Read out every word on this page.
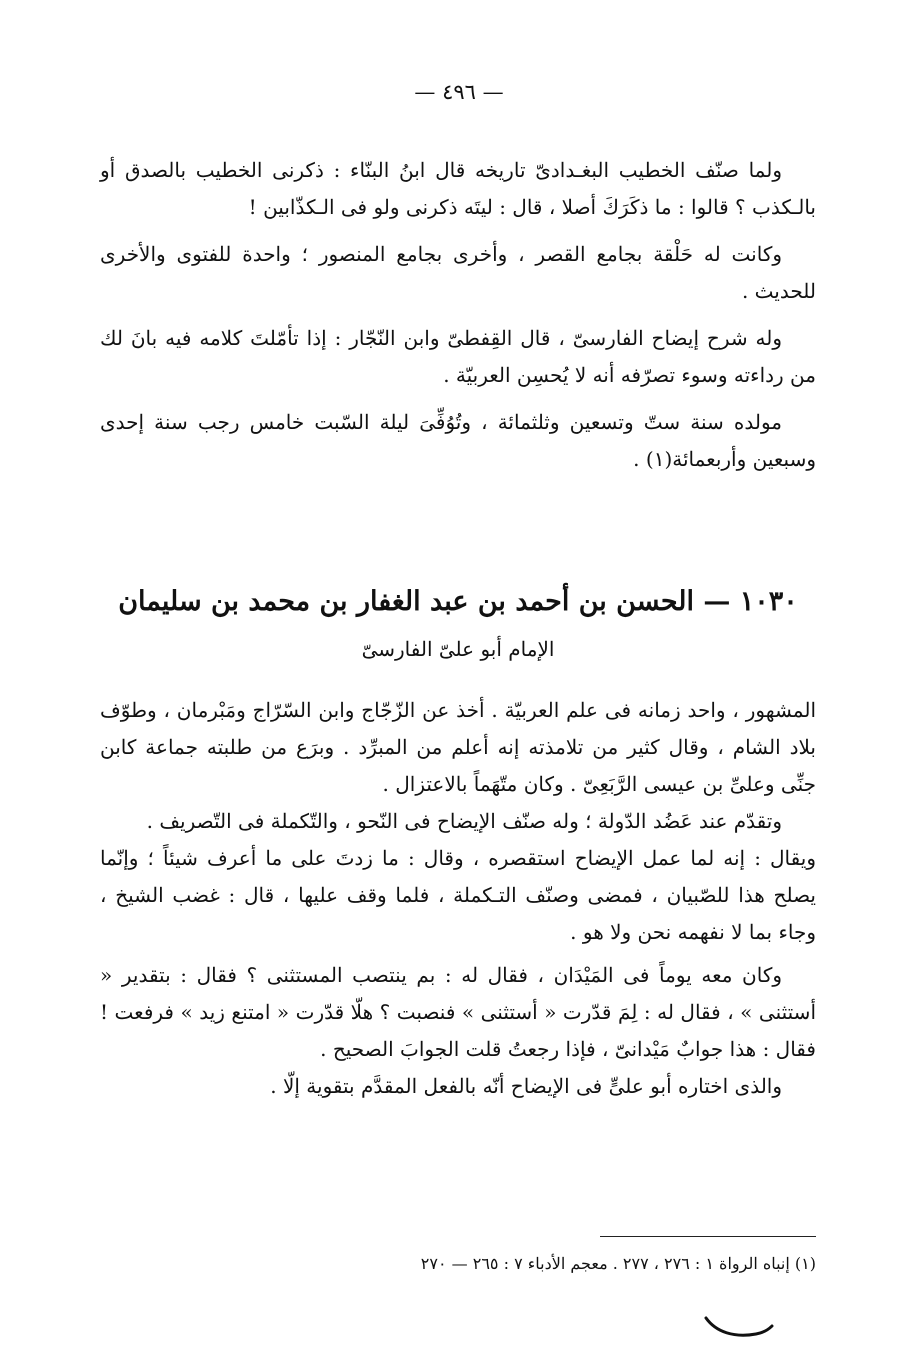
— ٤٩٦ —

ولما صنّف الخطيب البغـدادىّ تاريخه قال ابنُ البنّاء : ذكرنى الخطيب بالصدق أو بالـكذب ؟ قالوا : ما ذكَرَكَ أصلا ، قال : ليتَه ذكرنى ولو فى الـكذّابين !

وكانت له حَلْقة بجامع القصر ، وأخرى بجامع المنصور ؛ واحدة للفتوى والأخرى للحديث .

وله شرح إيضاح الفارسىّ ، قال القِفطىّ وابن النّجّار : إذا تأمّلتَ كلامه فيه بانَ لك من رداءته وسوء تصرّفه أنه لا يُحسِن العربيّة .

مولده سنة ستّ وتسعين وثلثمائة ، وتُوُفِّىَ ليلة السّبت خامس رجب سنة إحدى وسبعين وأربعمائة(١) .

١٠٣٠ — الحسن بن أحمد بن عبد الغفار بن محمد بن سليمان
الإمام أبو علىّ الفارسىّ

المشهور ، واحد زمانه فى علم العربيّة . أخذ عن الزّجّاج وابن السّرّاج ومَبْرمان ، وطوّف بلاد الشام ، وقال كثير من تلامذته إنه أعلم من المبرِّد . وبرَع من طلبته جماعة كابن جنِّى وعلىِّ بن عيسى الرَّبَعِىّ . وكان متّهَماً بالاعتزال .

وتقدّم عند عَضُد الدّولة ؛ وله صنّف الإيضاح فى النّحو ، والتّكملة فى التّصريف .

ويقال : إنه لما عمل الإيضاح استقصره ، وقال : ما زدتَ على ما أعرف شيئاً ؛ وإنّما يصلح هذا للصّبيان ، فمضى وصنّف التـكملة ، فلما وقف عليها ، قال : غضب الشيخ ، وجاء بما لا نفهمه نحن ولا هو .

وكان معه يوماً فى المَيْدَان ، فقال له : بم ينتصب المستثنى ؟ فقال : بتقدير « أستثنى » ، فقال له : لِمَ قدّرت « أستثنى » فنصبت ؟ هلّا قدّرت « امتنع زيد » فرفعت ! فقال : هذا جوابٌ مَيْدانىّ ، فإذا رجعتُ قلت الجوابَ الصحيح .

والذى اختاره أبو علىٍّ فى الإيضاح أنّه بالفعل المقدَّم بتقوية إلّا .

(١) إنباه الرواة ١ : ٢٧٦ ، ٢٧٧ . معجم الأدباء ٧ : ٢٦٥ — ٢٧٠
